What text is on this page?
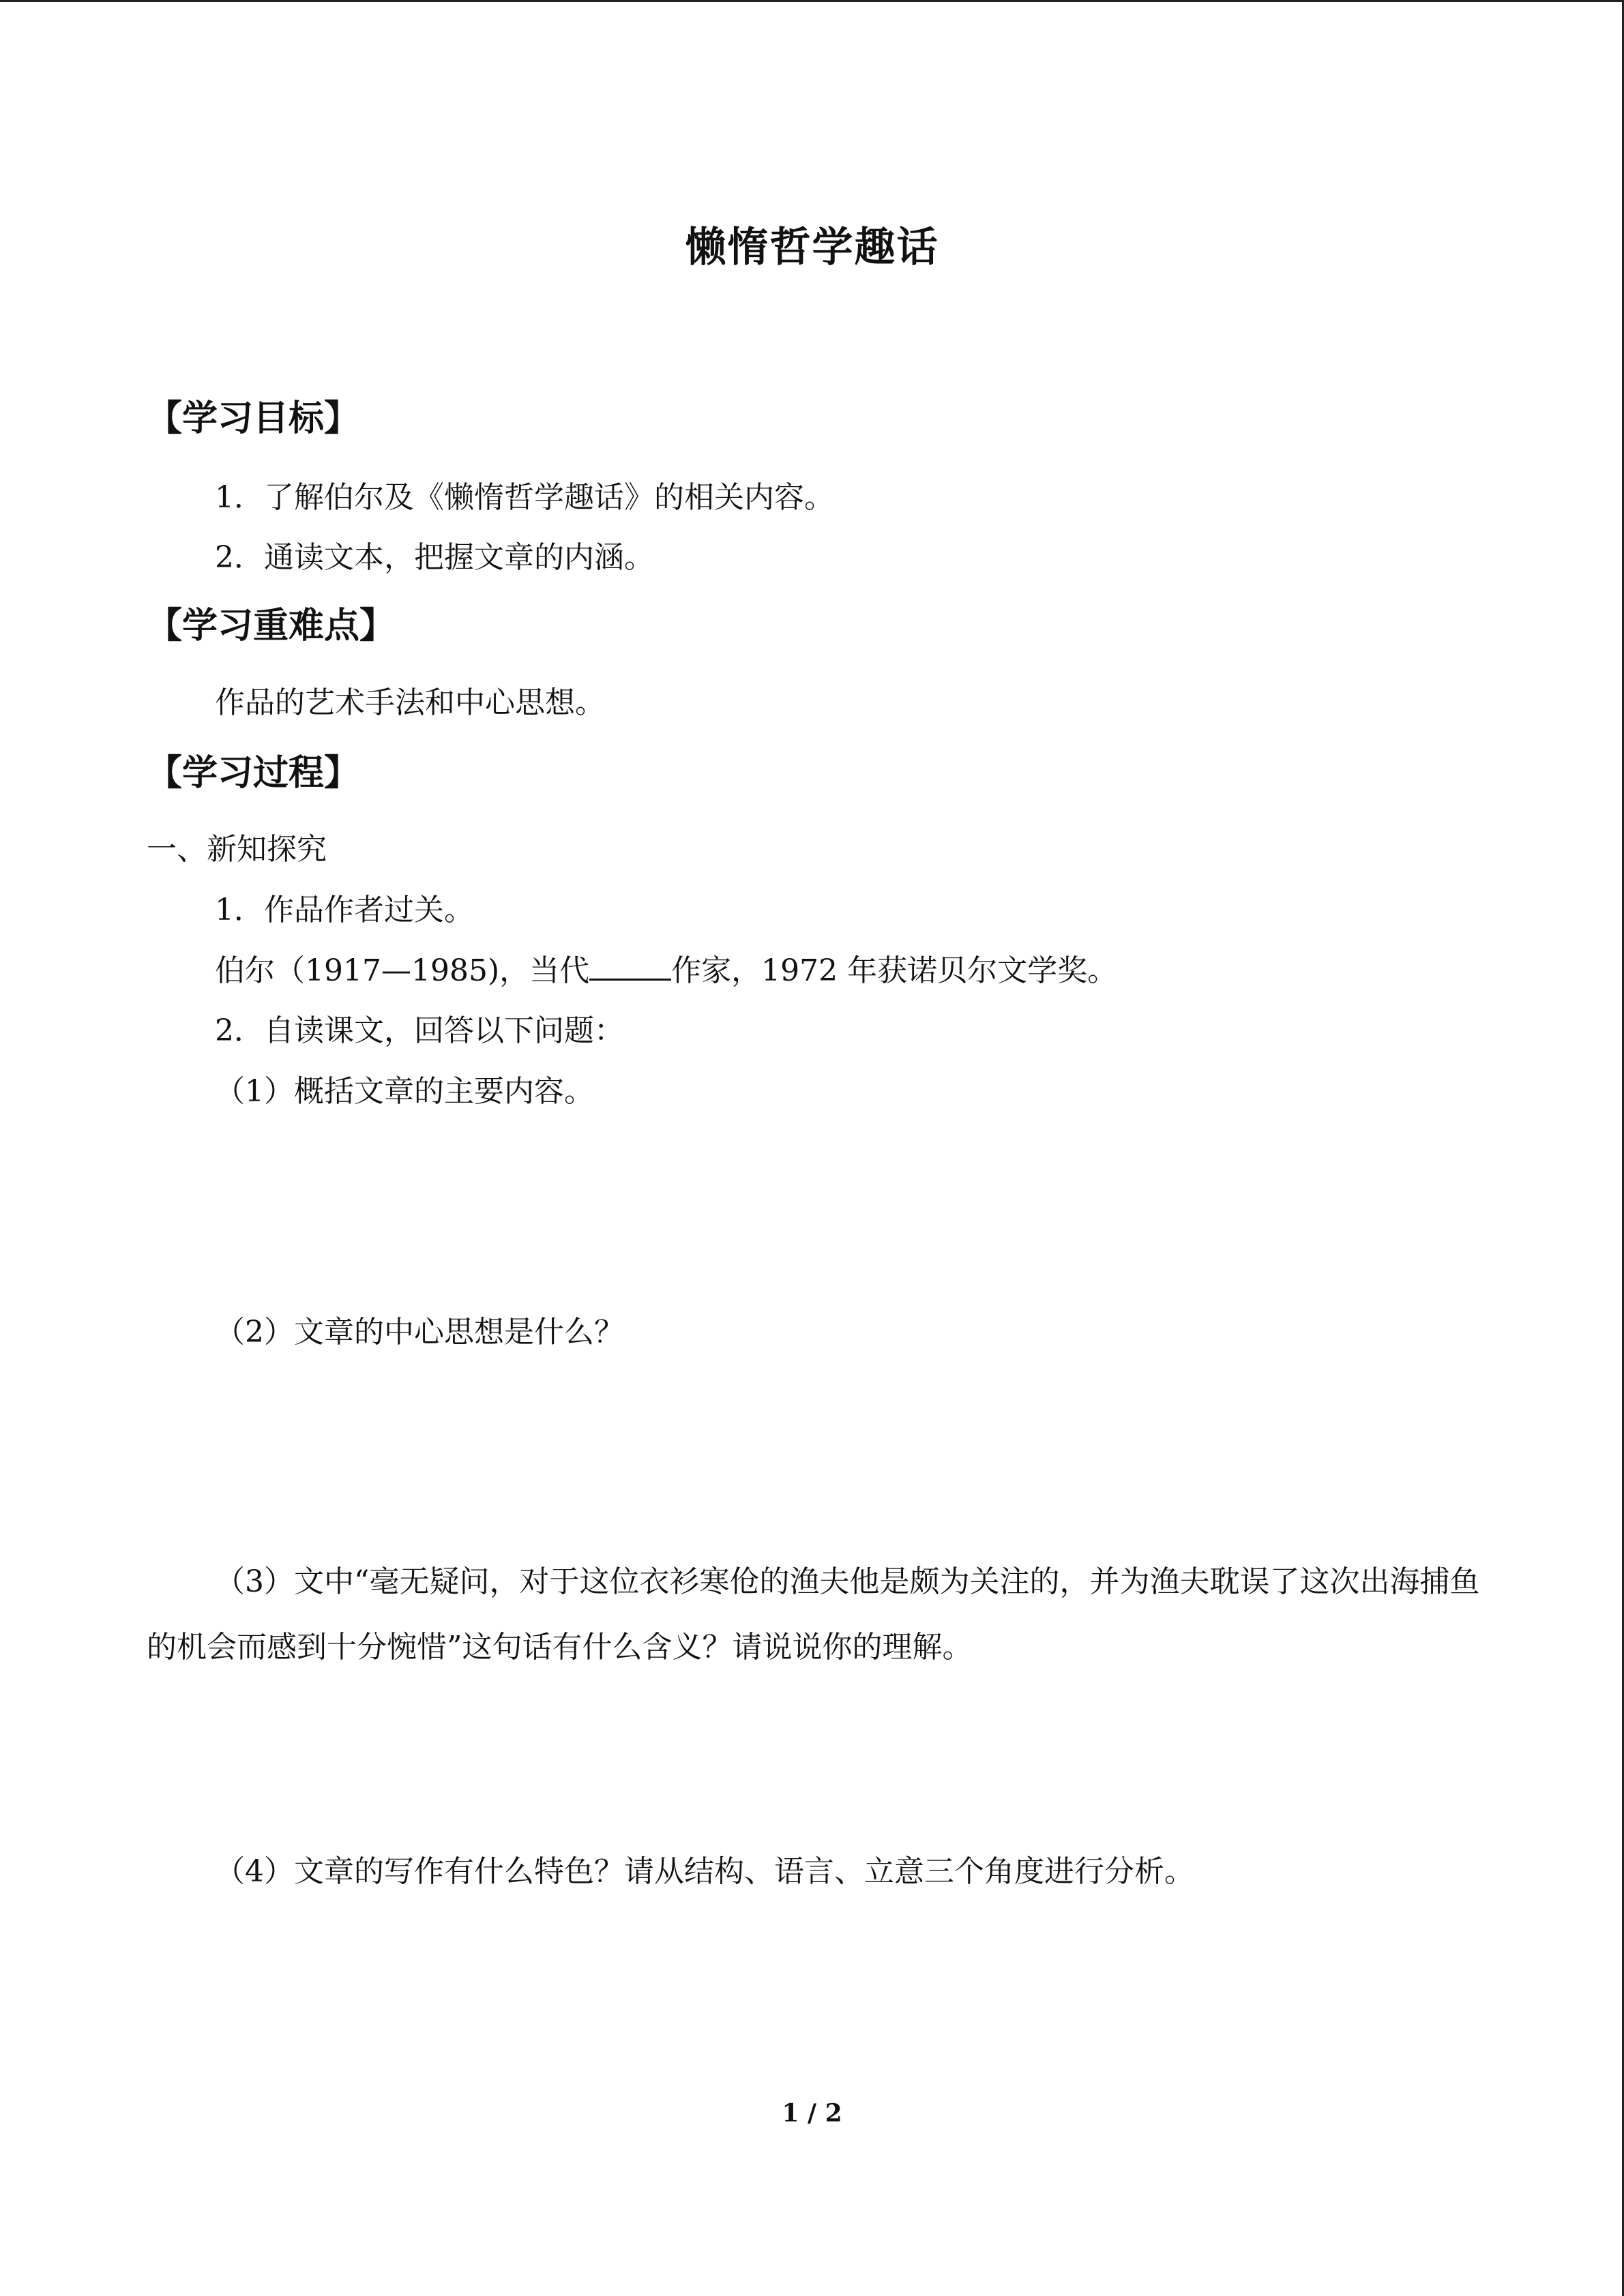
懒惰哲学趣话
【学习目标】
1．了解伯尔及《懒惰哲学趣话》的相关内容。
2．通读文本，把握文章的内涵。
【学习重难点】
作品的艺术手法和中心思想。
【学习过程】
一、新知探究
1．作品作者过关。
伯尔（1917—1985)，当代	作家，1972 年获诺贝尔文学奖。
2．自读课文，回答以下问题：
（1）概括文章的主要内容。
（2）文章的中心思想是什么？
（3）文中“毫无疑问，对于这位衣衫寒伧的渔夫他是颇为关注的，并为渔夫耽误了这次出海捕鱼的机会而感到十分惋惜”这句话有什么含义？请说说你的理解。
（4）文章的写作有什么特色？请从结构、语言、立意三个角度进行分析。
1 / 2
